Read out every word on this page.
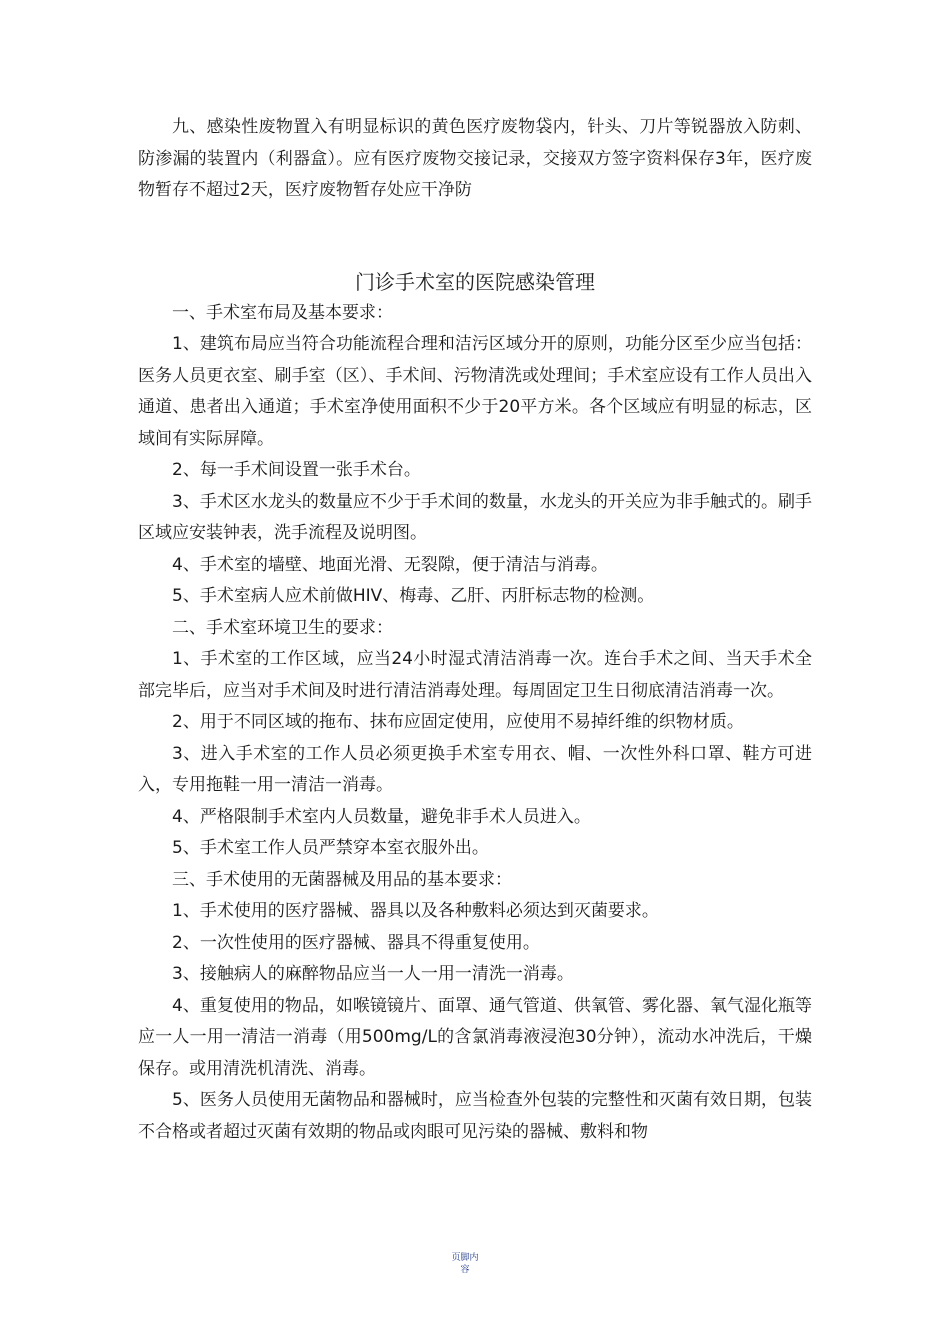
九、感染性废物置入有明显标识的黄色医疗废物袋内，针头、刀片等锐器放入防刺、防渗漏的装置内（利器盒）。应有医疗废物交接记录，交接双方签字资料保存3年，医疗废物暂存不超过2天，医疗废物暂存处应干净防

门诊手术室的医院感染管理

一、手术室布局及基本要求：

1、建筑布局应当符合功能流程合理和洁污区域分开的原则，功能分区至少应当包括：医务人员更衣室、刷手室（区）、手术间、污物清洗或处理间；手术室应设有工作人员出入通道、患者出入通道；手术室净使用面积不少于20平方米。各个区域应有明显的标志，区域间有实际屏障。

2、每一手术间设置一张手术台。

3、手术区水龙头的数量应不少于手术间的数量，水龙头的开关应为非手触式的。刷手区域应安装钟表，洗手流程及说明图。

4、手术室的墙壁、地面光滑、无裂隙，便于清洁与消毒。

5、手术室病人应术前做HIV、梅毒、乙肝、丙肝标志物的检测。

二、手术室环境卫生的要求：

1、手术室的工作区域，应当24小时湿式清洁消毒一次。连台手术之间、当天手术全部完毕后，应当对手术间及时进行清洁消毒处理。每周固定卫生日彻底清洁消毒一次。

2、用于不同区域的拖布、抹布应固定使用，应使用不易掉纤维的织物材质。

3、进入手术室的工作人员必须更换手术室专用衣、帽、一次性外科口罩、鞋方可进入，专用拖鞋一用一清洁一消毒。

4、严格限制手术室内人员数量，避免非手术人员进入。

5、手术室工作人员严禁穿本室衣服外出。

三、手术使用的无菌器械及用品的基本要求：

1、手术使用的医疗器械、器具以及各种敷料必须达到灭菌要求。

2、一次性使用的医疗器械、器具不得重复使用。

3、接触病人的麻醉物品应当一人一用一清洗一消毒。

4、重复使用的物品，如喉镜镜片、面罩、通气管道、供氧管、雾化器、氧气湿化瓶等应一人一用一清洁一消毒（用500mg/L的含氯消毒液浸泡30分钟），流动水冲洗后，干燥保存。或用清洗机清洗、消毒。

5、医务人员使用无菌物品和器械时，应当检查外包装的完整性和灭菌有效日期，包装不合格或者超过灭菌有效期的物品或肉眼可见污染的器械、敷料和物

页脚内
容
